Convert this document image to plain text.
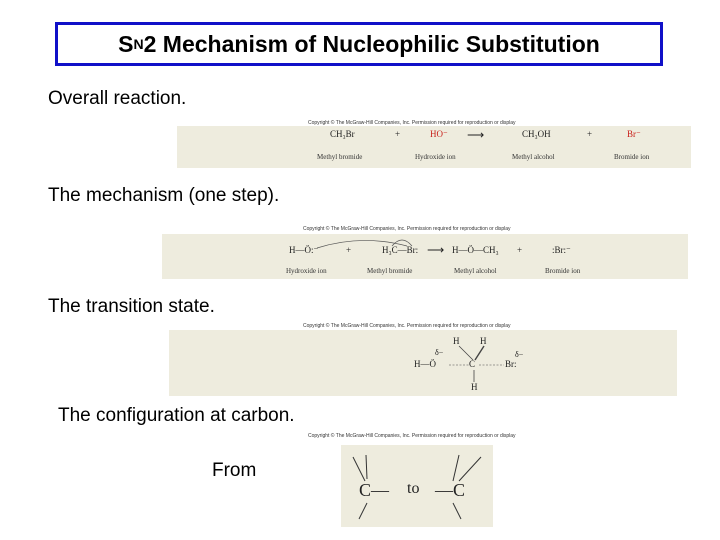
S N 2 Mechanism of Nucleophilic Substitution
Overall reaction.
Copyright © The McGraw-Hill Companies, Inc. Permission required for reproduction or display
CH₃Br	+	HO⁻ ⟶	CH₃OH	+	Br⁻
Methyl bromide	Hydroxide ion	Methyl alcohol	Bromide ion
The mechanism (one step).
Copyright © The McGraw-Hill Companies, Inc. Permission required for reproduction or display
H—Ö:⁻	+	H₃C—Br: ⟶ H—Ö—CH₃ +	:Br:⁻
Hydroxide ion	Methyl bromide	Methyl alcohol	Bromide ion
The transition state.
Copyright © The McGraw-Hill Companies, Inc. Permission required for reproduction or display
δ−
H H
H—Ö	C	Br:
δ−
H
The configuration at carbon.
Copyright © The McGraw-Hill Companies, Inc. Permission required for reproduction or display
From
C— to —C
